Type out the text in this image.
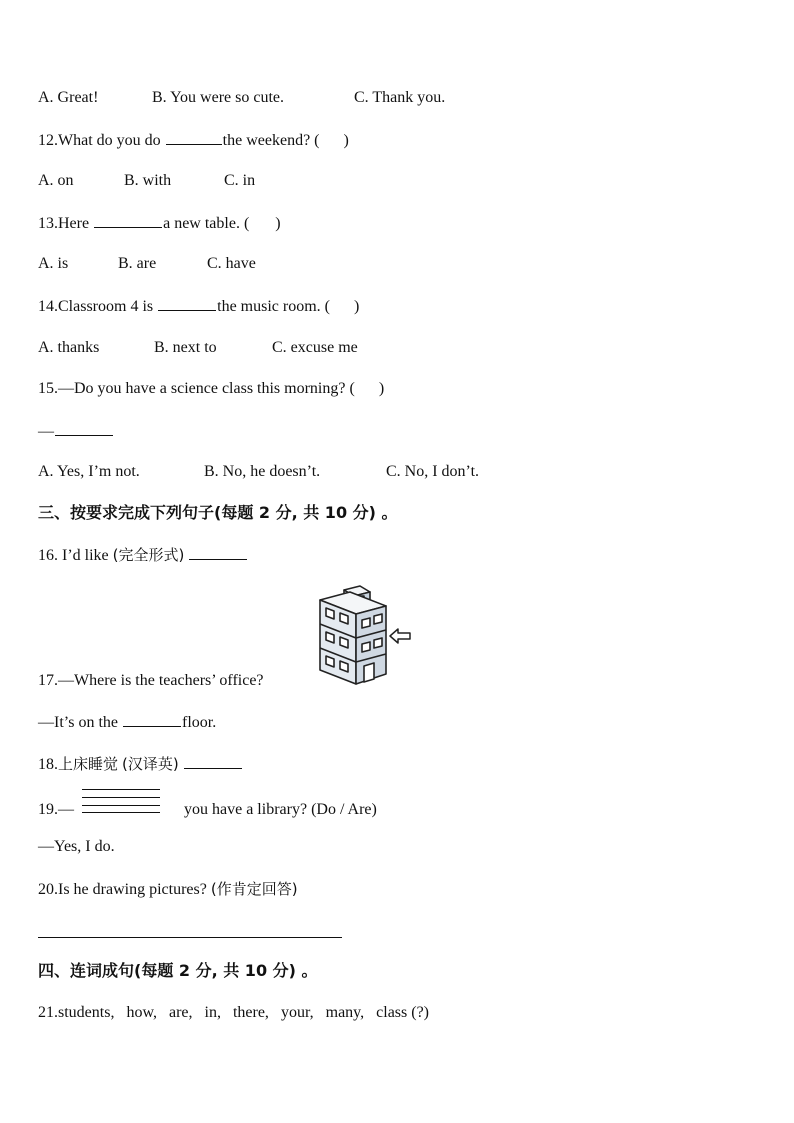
A. Great!	B. You were so cute.	C. Thank you.
12.What do you do	the weekend? ( )
A. on	B. with	C. in
13.Here	a new table. ( )
A. is	B. are	C. have
14.Classroom 4 is	the music room. ( )
A. thanks	B. next to	C. excuse me
15.—Do you have a science class this morning? ( )
—
A. Yes, I’m not.	B. No, he doesn’t.	C. No, I don’t.
三、按要求完成下列句子(每题 2 分, 共 10 分) 。
16. I’d like (完全形式)
17.—Where is the teachers’ office?
—It’s on the	floor.
18.上床睡觉 (汉译英)
19.—	you have a library? (Do / Are)
—Yes, I do.
20.Is he drawing pictures? (作肯定回答)
四、连词成句(每题 2 分, 共 10 分) 。
21.students, how, are, in, there, your, many, class (?)
